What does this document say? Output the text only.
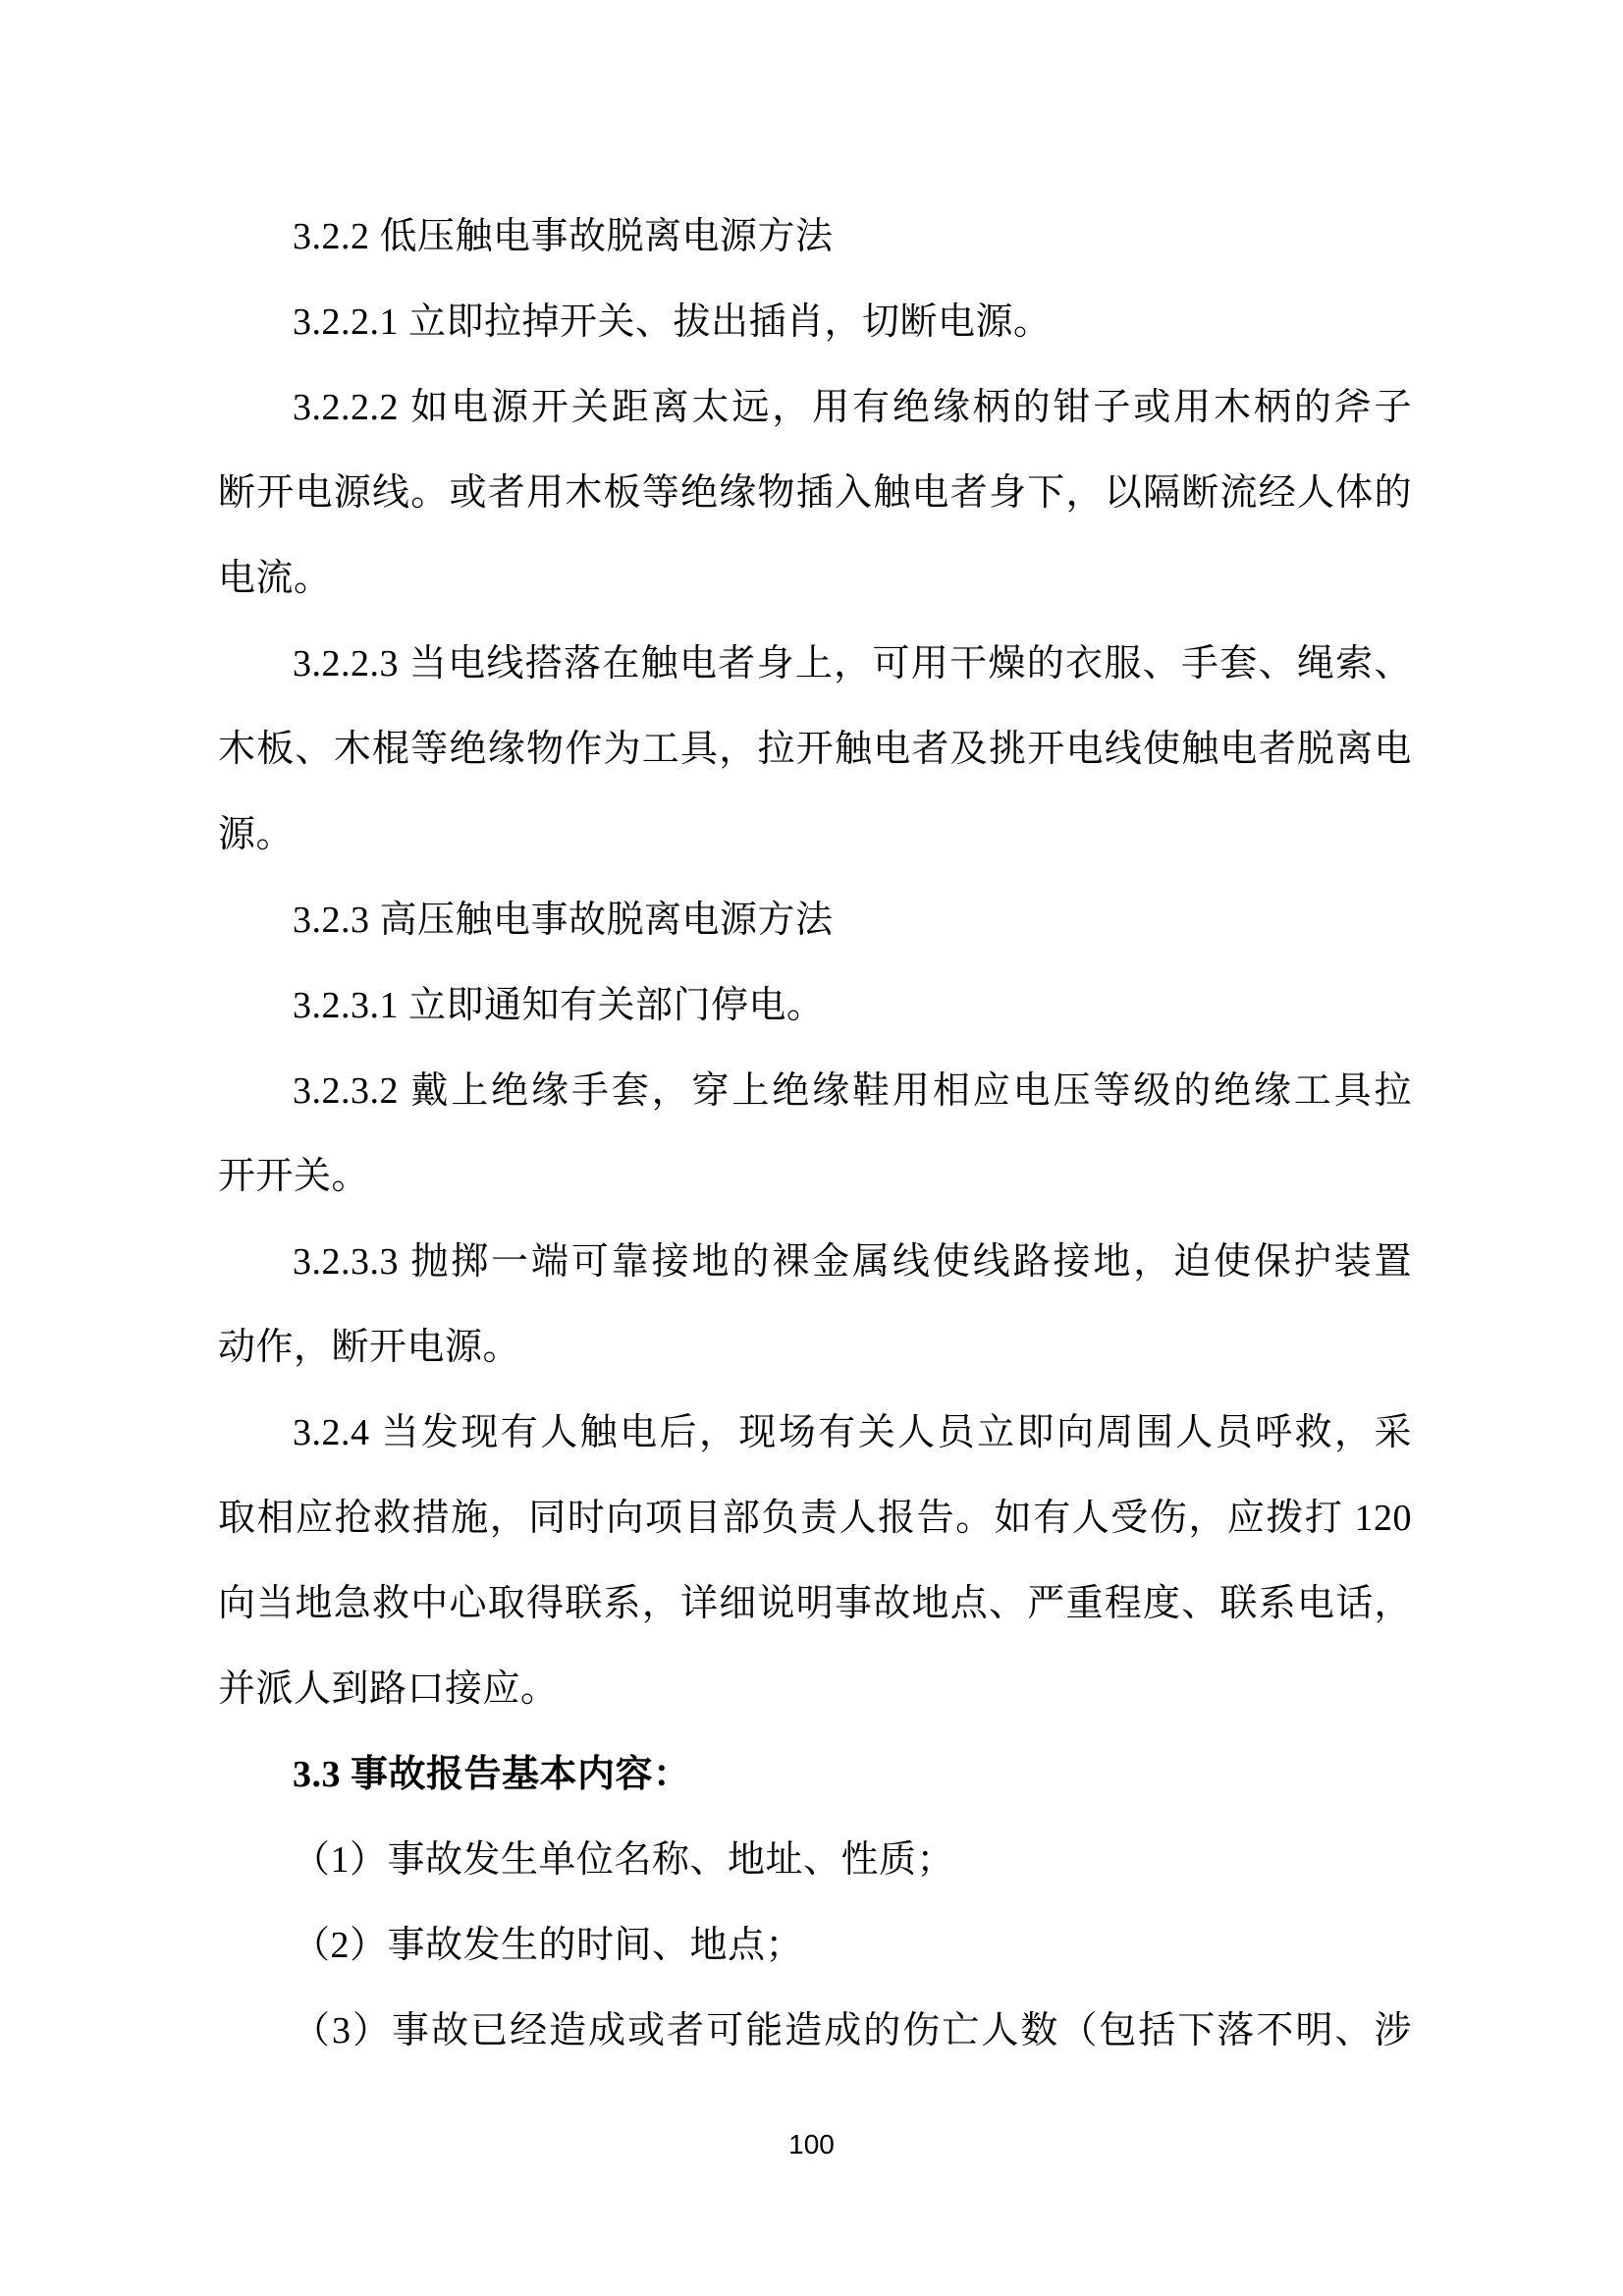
3.2.2 低压触电事故脱离电源方法
3.2.2.1 立即拉掉开关、拔出插肖，切断电源。
3.2.2.2 如电源开关距离太远，用有绝缘柄的钳子或用木柄的斧子
断开电源线。或者用木板等绝缘物插入触电者身下，以隔断流经人体的
电流。
3.2.2.3 当电线搭落在触电者身上，可用干燥的衣服、手套、绳索、
木板、木棍等绝缘物作为工具，拉开触电者及挑开电线使触电者脱离电
源。
3.2.3 高压触电事故脱离电源方法
3.2.3.1 立即通知有关部门停电。
3.2.3.2 戴上绝缘手套，穿上绝缘鞋用相应电压等级的绝缘工具拉
开开关。
3.2.3.3 抛掷一端可靠接地的裸金属线使线路接地，迫使保护装置
动作，断开电源。
3.2.4 当发现有人触电后，现场有关人员立即向周围人员呼救，采
取相应抢救措施，同时向项目部负责人报告。如有人受伤，应拨打 120
向当地急救中心取得联系，详细说明事故地点、严重程度、联系电话，
并派人到路口接应。
3.3 事故报告基本内容：
（1）事故发生单位名称、地址、性质；
（2）事故发生的时间、地点；
（3）事故已经造成或者可能造成的伤亡人数（包括下落不明、涉
100
